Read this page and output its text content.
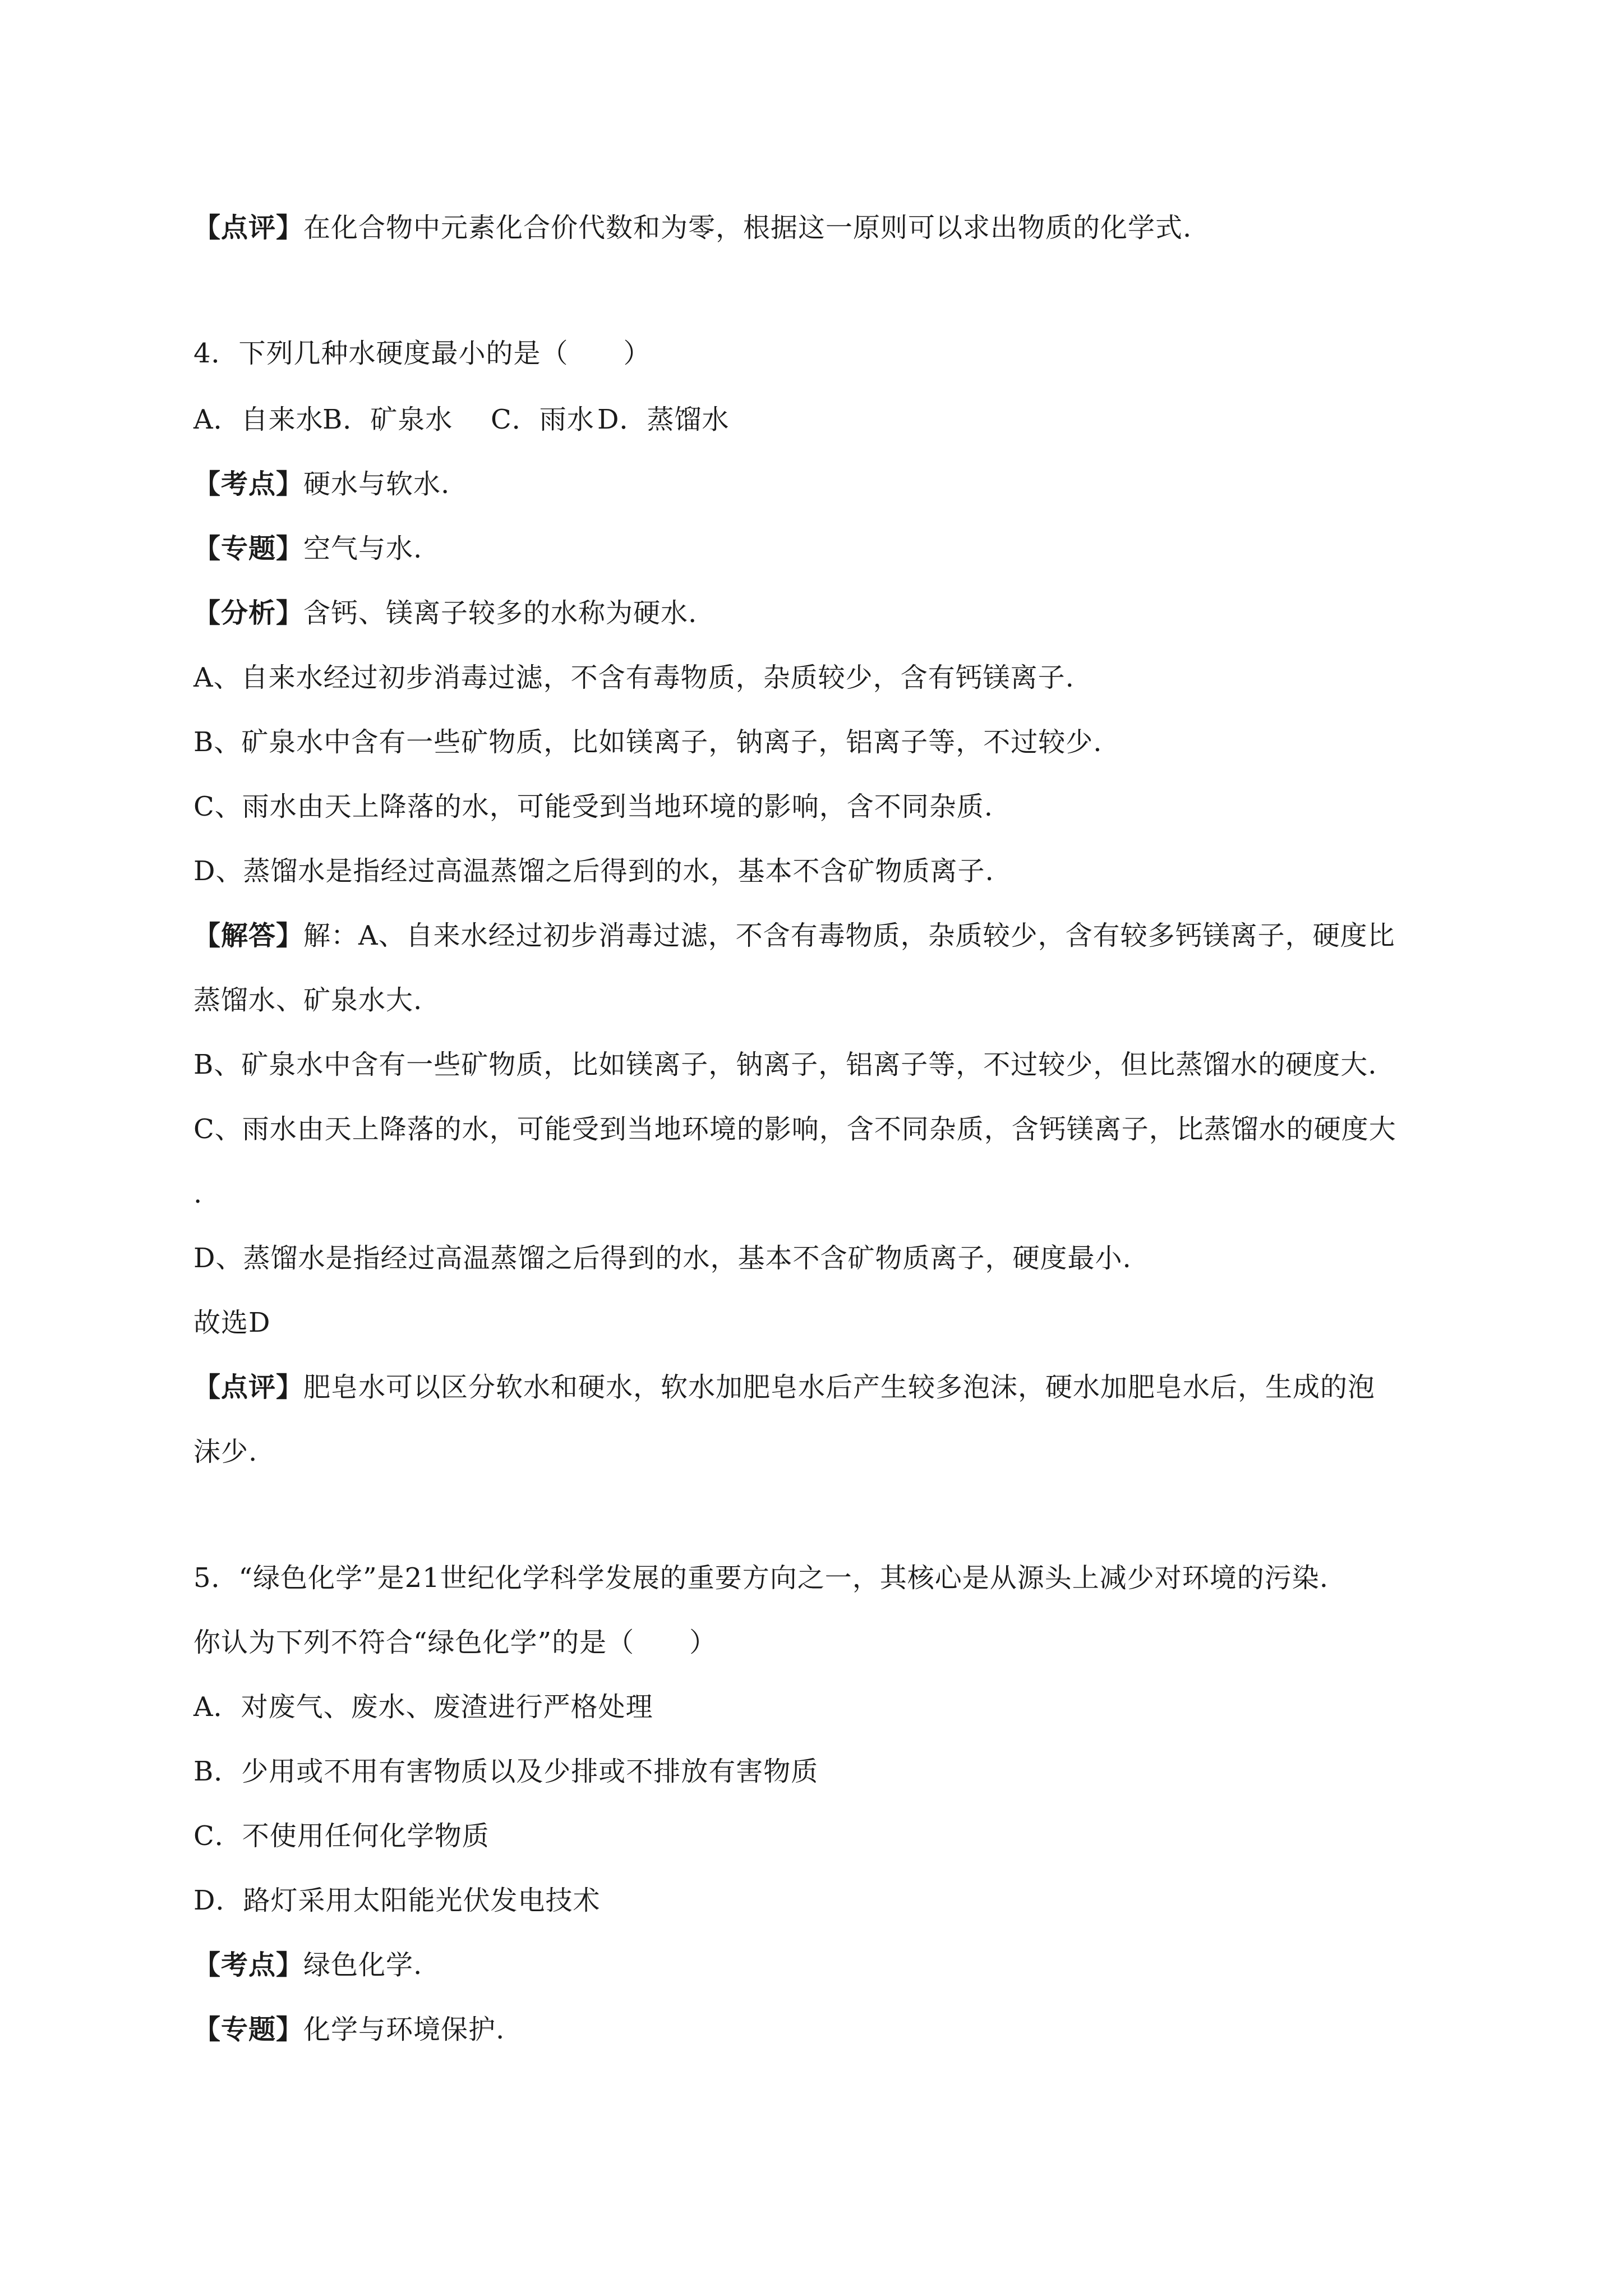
【点评】在化合物中元素化合价代数和为零，根据这一原则可以求出物质的化学式.
4．下列几种水硬度最小的是（　　）
A．自来水B．矿泉水 C．雨水 D．蒸馏水
【考点】硬水与软水.
【专题】空气与水.
【分析】含钙、镁离子较多的水称为硬水.
A、自来水经过初步消毒过滤，不含有毒物质，杂质较少，含有钙镁离子.
B、矿泉水中含有一些矿物质，比如镁离子，钠离子，铝离子等，不过较少.
C、雨水由天上降落的水，可能受到当地环境的影响，含不同杂质.
D、蒸馏水是指经过高温蒸馏之后得到的水，基本不含矿物质离子.
【解答】解：A、自来水经过初步消毒过滤，不含有毒物质，杂质较少，含有较多钙镁离子，硬度比
蒸馏水、矿泉水大.
B、矿泉水中含有一些矿物质，比如镁离子，钠离子，铝离子等，不过较少，但比蒸馏水的硬度大.
C、雨水由天上降落的水，可能受到当地环境的影响，含不同杂质，含钙镁离子，比蒸馏水的硬度大
.
D、蒸馏水是指经过高温蒸馏之后得到的水，基本不含矿物质离子，硬度最小.
故选D
【点评】肥皂水可以区分软水和硬水，软水加肥皂水后产生较多泡沫，硬水加肥皂水后，生成的泡
沫少.
5．“绿色化学”是21世纪化学科学发展的重要方向之一，其核心是从源头上减少对环境的污染.
你认为下列不符合“绿色化学”的是（　　）
A．对废气、废水、废渣进行严格处理
B．少用或不用有害物质以及少排或不排放有害物质
C．不使用任何化学物质
D．路灯采用太阳能光伏发电技术
【考点】绿色化学.
【专题】化学与环境保护.
